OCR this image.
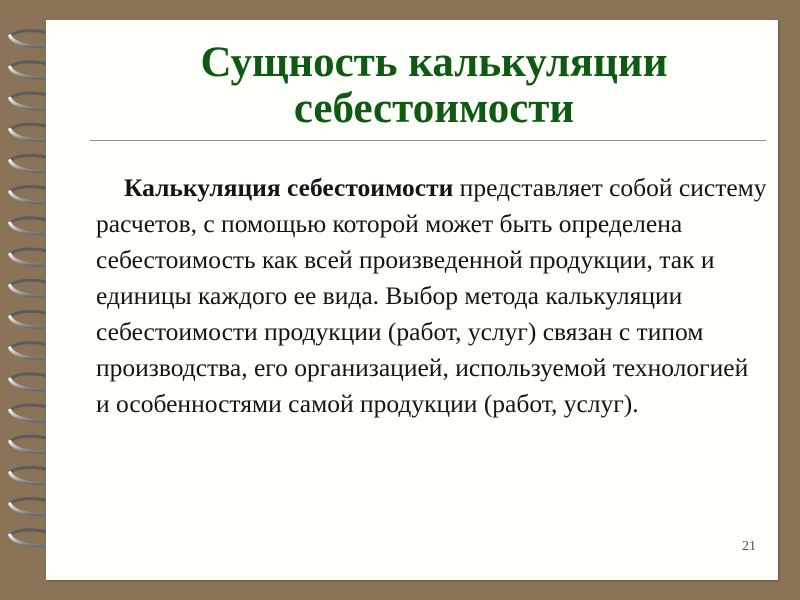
Сущность калькуляции себестоимости

Калькуляция себестоимости представляет собой систему расчетов, с помощью которой может быть определена себестоимость как всей произведенной продукции, так и единицы каждого ее вида. Выбор метода калькуляции себестоимости продукции (работ, услуг) связан с типом производства, его организацией, используемой технологией и особенностями самой продукции (работ, услуг).

21
